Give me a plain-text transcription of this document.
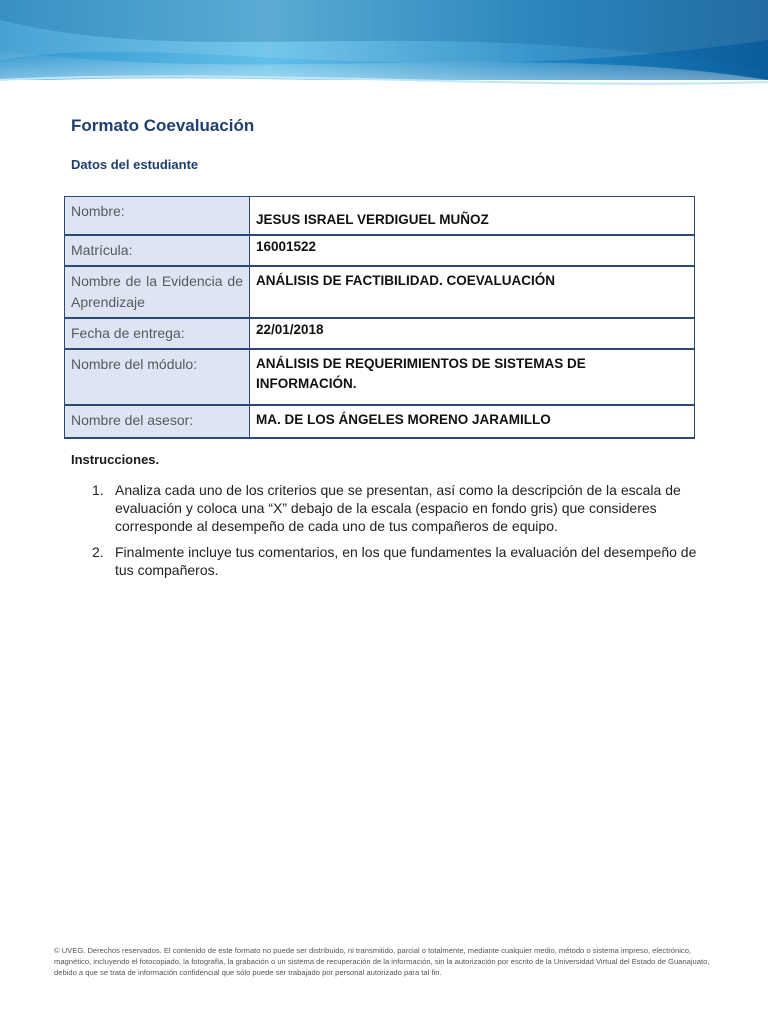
Formato Coevaluación
Datos del estudiante
Nombre:	JESUS ISRAEL VERDIGUEL MUÑOZ
Matrícula:	16001522
Nombre de la Evidencia de Aprendizaje	ANÁLISIS DE FACTIBILIDAD. COEVALUACIÓN
Fecha de entrega:	22/01/2018
Nombre del módulo:	ANÁLISIS DE REQUERIMIENTOS DE SISTEMAS DE INFORMACIÓN.
Nombre del asesor:	MA. DE LOS ÁNGELES MORENO JARAMILLO
Instrucciones.
1. Analiza cada uno de los criterios que se presentan, así como la descripción de la escala de evaluación y coloca una “X” debajo de la escala (espacio en fondo gris) que consideres corresponde al desempeño de cada uno de tus compañeros de equipo.
2. Finalmente incluye tus comentarios, en los que fundamentes la evaluación del desempeño de tus compañeros.
© UVEG. Derechos reservados. El contenido de este formato no puede ser distribuido, ni transmitido, parcial o totalmente, mediante cualquier medio, método o sistema impreso, electrónico, magnético, incluyendo el fotocopiado, la fotografía, la grabación o un sistema de recuperación de la información, sin la autorización por escrito de la Universidad Virtual del Estado de Guanajuato, debido a que se trata de información confidencial que sólo puede ser trabajado por personal autorizado para tal fin.
